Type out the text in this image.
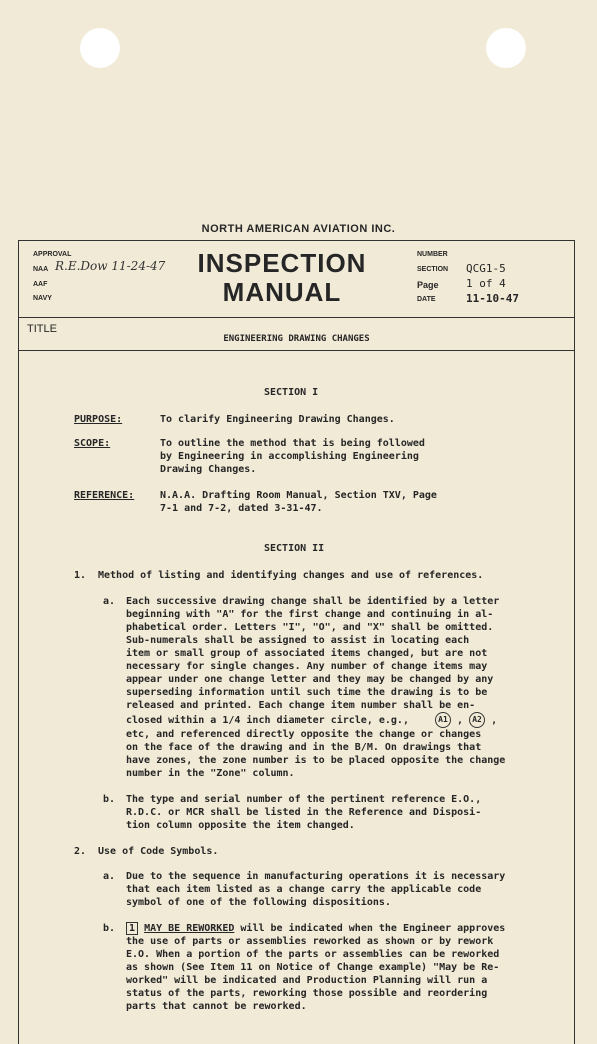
NORTH AMERICAN AVIATION INC.
APPROVAL
NAA R.E.Dow 11-24-47
AAF
NAVY
INSPECTION
MANUAL
NUMBER
SECTION QCG1-5
Page 1 of 4
DATE	11-10-47
TITLE
ENGINEERING DRAWING CHANGES
SECTION I
PURPOSE:	To clarify Engineering Drawing Changes.
SCOPE:	To outline the method that is being followed
by Engineering in accomplishing Engineering
Drawing Changes.
REFERENCE:	N.A.A. Drafting Room Manual, Section TXV, Page
7-1 and 7-2, dated 3-31-47.
SECTION II
1. Method of listing and identifying changes and use of references.
a. Each successive drawing change shall be identified by a letter
beginning with "A" for the first change and continuing in al-
phabetical order. Letters "I", "O", and "X" shall be omitted.
Sub-numerals shall be assigned to assist in locating each
item or small group of associated items changed, but are not
necessary for single changes. Any number of change items may
appear under one change letter and they may be changed by any
superseding information until such time the drawing is to be
released and printed. Each change item number shall be en-
closed within a 1/4 inch diameter circle, e.g.,	A1 , A2 ,
etc, and referenced directly opposite the change or changes
on the face of the drawing and in the B/M. On drawings that
have zones, the zone number is to be placed opposite the change
number in the "Zone" column.
b. The type and serial number of the pertinent reference E.O.,
R.D.C. or MCR shall be listed in the Reference and Disposi-
tion column opposite the item changed.
2. Use of Code Symbols.
a. Due to the sequence in manufacturing operations it is necessary
that each item listed as a change carry the applicable code
symbol of one of the following dispositions.
b.	1 MAY BE REWORKED will be indicated when the Engineer approves
the use of parts or assemblies reworked as shown or by rework
E.O. When a portion of the parts or assemblies can be reworked
as shown (See Item 11 on Notice of Change example) "May be Re-
worked" will be indicated and Production Planning will run a
status of the parts, reworking those possible and reordering
parts that cannot be reworked.
